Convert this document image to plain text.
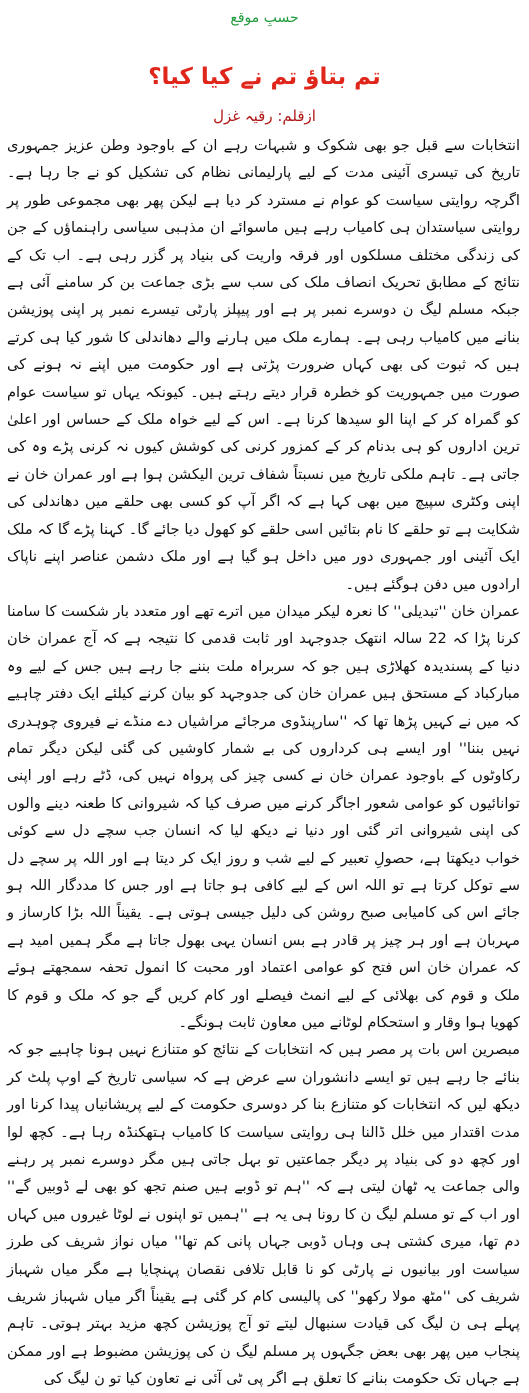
حسبِ موقع
تم بتاؤ تم نے کیا کیا؟
ازقلم: رقیہ غزل

انتخابات سے قبل جو بھی شکوک و شبہات رہے ان کے باوجود وطن عزیز جمہوری تاریخ کی تیسری آئینی مدت کے لیے پارلیمانی نظام کی تشکیل کو نے جا رہا ہے۔ اگرچہ روایتی سیاست کو عوام نے مسترد کر دیا ہے لیکن پھر بھی مجموعی طور پر روایتی سیاستدان ہی کامیاب رہے ہیں ماسوائے ان مذہبی سیاسی راہنماؤں کے جن کی زندگی مختلف مسلکوں اور فرقہ واریت کی بنیاد پر گزر رہی ہے۔ اب تک کے نتائج کے مطابق تحریک انصاف ملک کی سب سے بڑی جماعت بن کر سامنے آئی ہے جبکہ مسلم لیگ ن دوسرے نمبر پر ہے اور پیپلز پارٹی تیسرے نمبر پر اپنی پوزیشن بنانے میں کامیاب رہی ہے۔ ہمارے ملک میں ہارنے والے دھاندلی کا شور کیا ہی کرتے ہیں کہ ثبوت کی بھی کہاں ضرورت پڑتی ہے اور حکومت میں اپنے نہ ہونے کی صورت میں جمہوریت کو خطرہ قرار دیتے رہتے ہیں۔ کیونکہ یہاں تو سیاست عوام کو گمراہ کر کے اپنا الو سیدھا کرنا ہے۔ اس کے لیے خواہ ملک کے حساس اور اعلیٰ ترین اداروں کو ہی بدنام کر کے کمزور کرنی کی کوشش کیوں نہ کرنی پڑے وہ کی جاتی ہے۔ تاہم ملکی تاریخ میں نسبتاً شفاف ترین الیکشن ہوا ہے اور عمران خان نے اپنی وکٹری سپیچ میں بھی کہا ہے کہ اگر آپ کو کسی بھی حلقے میں دھاندلی کی شکایت ہے تو حلقے کا نام بتائیں اسی حلقے کو کھول دیا جائے گا۔ کہنا پڑے گا کہ ملک ایک آئینی اور جمہوری دور میں داخل ہو گیا ہے اور ملک دشمن عناصر اپنے ناپاک ارادوں میں دفن ہوگئے ہیں۔

عمران خان ''تبدیلی'' کا نعرہ لیکر میدان میں اترے تھے اور متعدد بار شکست کا سامنا کرنا پڑا کہ 22 سالہ انتھک جدوجہد اور ثابت قدمی کا نتیجہ ہے کہ آج عمران خان دنیا کے پسندیدہ کھلاڑی ہیں جو کہ سربراہ ملت بننے جا رہے ہیں جس کے لیے وہ مبارکباد کے مستحق ہیں عمران خان کی جدوجہد کو بیان کرنے کیلئے ایک دفتر چاہیے کہ میں نے کہیں پڑھا تھا کہ ''سارپنڈوی مرجائے مراشیاں دے منڈے نے فیروی چوہدری نہیں بننا'' اور ایسے ہی کرداروں کی بے شمار کاوشیں کی گئی لیکن دیگر تمام رکاوٹوں کے باوجود عمران خان نے کسی چیز کی پرواہ نہیں کی، ڈٹے رہے اور اپنی توانائیوں کو عوامی شعور اجاگر کرنے میں صرف کیا کہ شیروانی کا طعنہ دینے والوں کی اپنی شیروانی اتر گئی اور دنیا نے دیکھ لیا کہ انسان جب سچے دل سے کوئی خواب دیکھتا ہے، حصولِ تعبیر کے لیے شب و روز ایک کر دیتا ہے اور اللہ پر سچے دل سے توکل کرتا ہے تو اللہ اس کے لیے کافی ہو جاتا ہے اور جس کا مددگار اللہ ہو جائے اس کی کامیابی صبح روشن کی دلیل جیسی ہوتی ہے۔ یقیناً اللہ بڑا کارساز و مہربان ہے اور ہر چیز پر قادر ہے بس انسان یہی بھول جاتا ہے مگر ہمیں امید ہے کہ عمران خان اس فتح کو عوامی اعتماد اور محبت کا انمول تحفہ سمجھتے ہوئے ملک و قوم کی بھلائی کے لیے انمٹ فیصلے اور کام کریں گے جو کہ ملک و قوم کا کھویا ہوا وقار و استحکام لوٹانے میں معاون ثابت ہونگے۔

مبصرین اس بات پر مصر ہیں کہ انتخابات کے نتائج کو متنازع نہیں ہونا چاہیے جو کہ بنائے جا رہے ہیں تو ایسے دانشوران سے عرض ہے کہ سیاسی تاریخ کے اوپ پلٹ کر دیکھ لیں کہ انتخابات کو متنازع بنا کر دوسری حکومت کے لیے پریشانیاں پیدا کرنا اور مدت اقتدار میں خلل ڈالنا ہی روایتی سیاست کا کامیاب ہتھکنڈہ رہا ہے۔ کچھ لوا اور کچھ دو کی بنیاد پر دیگر جماعتیں تو بہل جاتی ہیں مگر دوسرے نمبر پر رہنے والی جماعت یہ ٹھان لیتی ہے کہ ''ہم تو ڈوبے ہیں صنم تجھ کو بھی لے ڈوبیں گے'' اور اب کے تو مسلم لیگ ن کا رونا ہی یہ ہے ''ہمیں تو اپنوں نے لوٹا غیروں میں کہاں دم تھا، میری کشتی ہی وہاں ڈوبی جہاں پانی کم تھا'' میاں نواز شریف کی طرز سیاست اور بیانیوں نے پارٹی کو نا قابل تلافی نقصان پہنچایا ہے مگر میاں شہباز شریف کی ''مٹھ مولا رکھو'' کی پالیسی کام کر گئی ہے یقیناً اگر میاں شہباز شریف پہلے ہی ن لیگ کی قیادت سنبھال لیتے تو آج پوزیشن کچھ مزید بہتر ہوتی۔ تاہم پنجاب میں پھر بھی بعض جگہوں پر مسلم لیگ ن کی پوزیشن مضبوط ہے اور ممکن ہے جہاں تک حکومت بنانے کا تعلق ہے اگر پی ٹی آئی نے تعاون کیا تو ن لیگ کی
